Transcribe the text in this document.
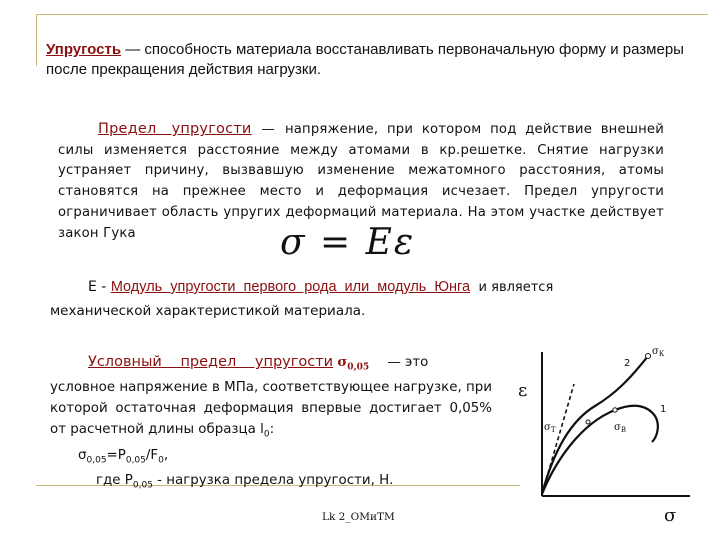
Упругость — способность материала восстанавливать первоначальную форму и размеры после прекращения действия нагрузки.
Предел упругости — напряжение, при котором под действие внешней силы изменяется расстояние между атомами в кр.решетке. Снятие нагрузки устраняет причину, вызвавшую изменение межатомного расстояния, атомы становятся на прежнее место и деформация исчезает. Предел упругости ограничивает область упругих деформаций материала. На этом участке действует закон Гука	σ = Eε
E - Модуль упругости первого рода или модуль Юнга и является
механической характеристикой материала.
Условный предел упругости $\sigma_{0,05}$ — это
условное напряжение в МПа, соответствующее нагрузке, при которой остаточная деформация впервые достигает 0,05% от расчетной длины образца $l_0$:
$\sigma_{0,05}=P_{0,05}/F_0$,
где $P_{0,05}$ - нагрузка предела упругости, Н.
ε
σ
2
1
$\sigma_К$
$\sigma_Т$	$\sigma_В$
Lk 2_ОМиТМ
